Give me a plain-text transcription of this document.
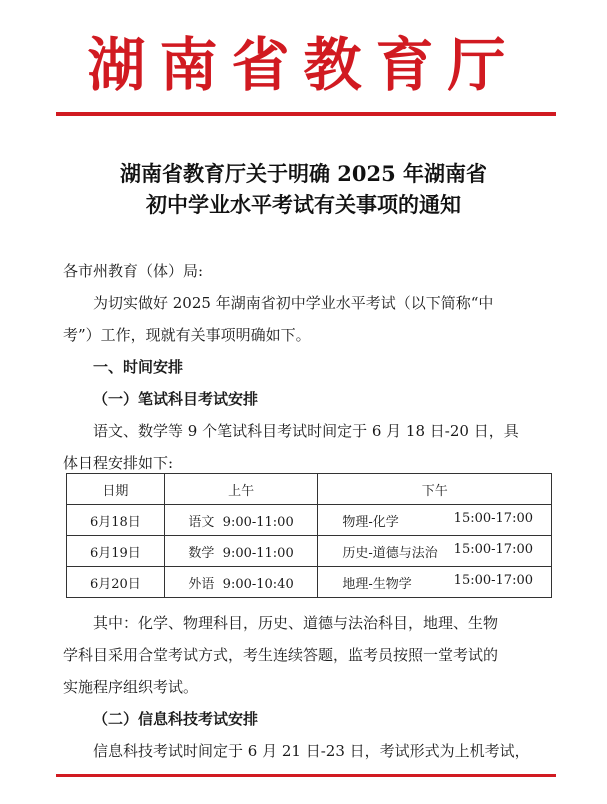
湖南省教育厅
湖南省教育厅关于明确 2025 年湖南省
初中学业水平考试有关事项的通知
各市州教育（体）局:
为切实做好 2025 年湖南省初中学业水平考试（以下简称“中
考”）工作，现就有关事项明确如下。
一、时间安排
（一）笔试科目考试安排
语文、数学等 9 个笔试科目考试时间定于 6 月 18 日-20 日，具
体日程安排如下:
日期	上午	下午
6月18日	语文 9:00-11:00	物理-化学 15:00-17:00

6月19日	数学 9:00-11:00	历史-道德与法治 15:00-17:00

6月20日	外语 9:00-10:40	地理-生物学 15:00-17:00
其中：化学、物理科目，历史、道德与法治科目，地理、生物
学科目采用合堂考试方式，考生连续答题，监考员按照一堂考试的
实施程序组织考试。
（二）信息科技考试安排
信息科技考试时间定于 6 月 21 日-23 日，考试形式为上机考试，
